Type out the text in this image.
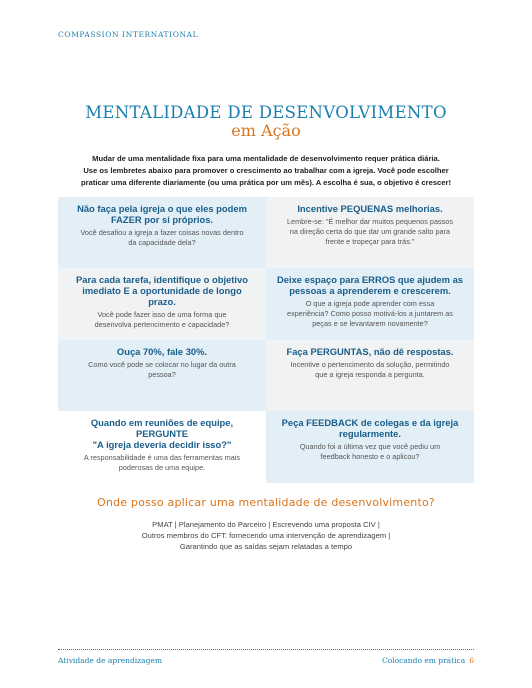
COMPASSION INTERNATIONAL
MENTALIDADE DE DESENVOLVIMENTO
em Ação
Mudar de uma mentalidade fixa para uma mentalidade de desenvolvimento requer prática diária.
Use os lembretes abaixo para promover o crescimento ao trabalhar com a igreja. Você pode escolher
praticar uma diferente diariamente (ou uma prática por um mês). A escolha é sua, o objetivo é crescer!
Não faça pela igreja o que eles podem
FAZER por si próprios.
Você desafiou a igreja a fazer coisas novas dentro
da capacidade dela?
Incentive PEQUENAS melhorias.
Lembre-se: "É melhor dar muitos pequenos passos
na direção certa do que dar um grande salto para
frente e tropeçar para trás."
Para cada tarefa, identifique o objetivo
imediato E a oportunidade de longo
prazo.
Você pode fazer isso de uma forma que
desenvolva pertencimento e capacidade?
Deixe espaço para ERROS que ajudem as
pessoas a aprenderem e crescerem.
O que a igreja pode aprender com essa
experiência? Como posso motivá-los a juntarem as
peças e se levantarem novamente?
Ouça 70%, fale 30%.
Como você pode se colocar no lugar da outra
pessoa?
Faça PERGUNTAS, não dê respostas.
Incentive o pertencimento da solução, permitindo
que a igreja responda a pergunta.
Quando em reuniões de equipe,
PERGUNTE
"A igreja deveria decidir isso?"
A responsabilidade é uma das ferramentas mais
poderosas de uma equipe.
Peça FEEDBACK de colegas e da igreja
regularmente.
Quando foi a última vez que você pediu um
feedback honesto e o aplicou?
Onde posso aplicar uma mentalidade de desenvolvimento?
PMAT | Planejamento do Parceiro | Escrevendo uma proposta CIV |
Outros membros do CFT: fornecendo uma intervenção de aprendizagem |
Garantindo que as saídas sejam relatadas a tempo
Atividade de aprendizagem	Colocando em prática 6
